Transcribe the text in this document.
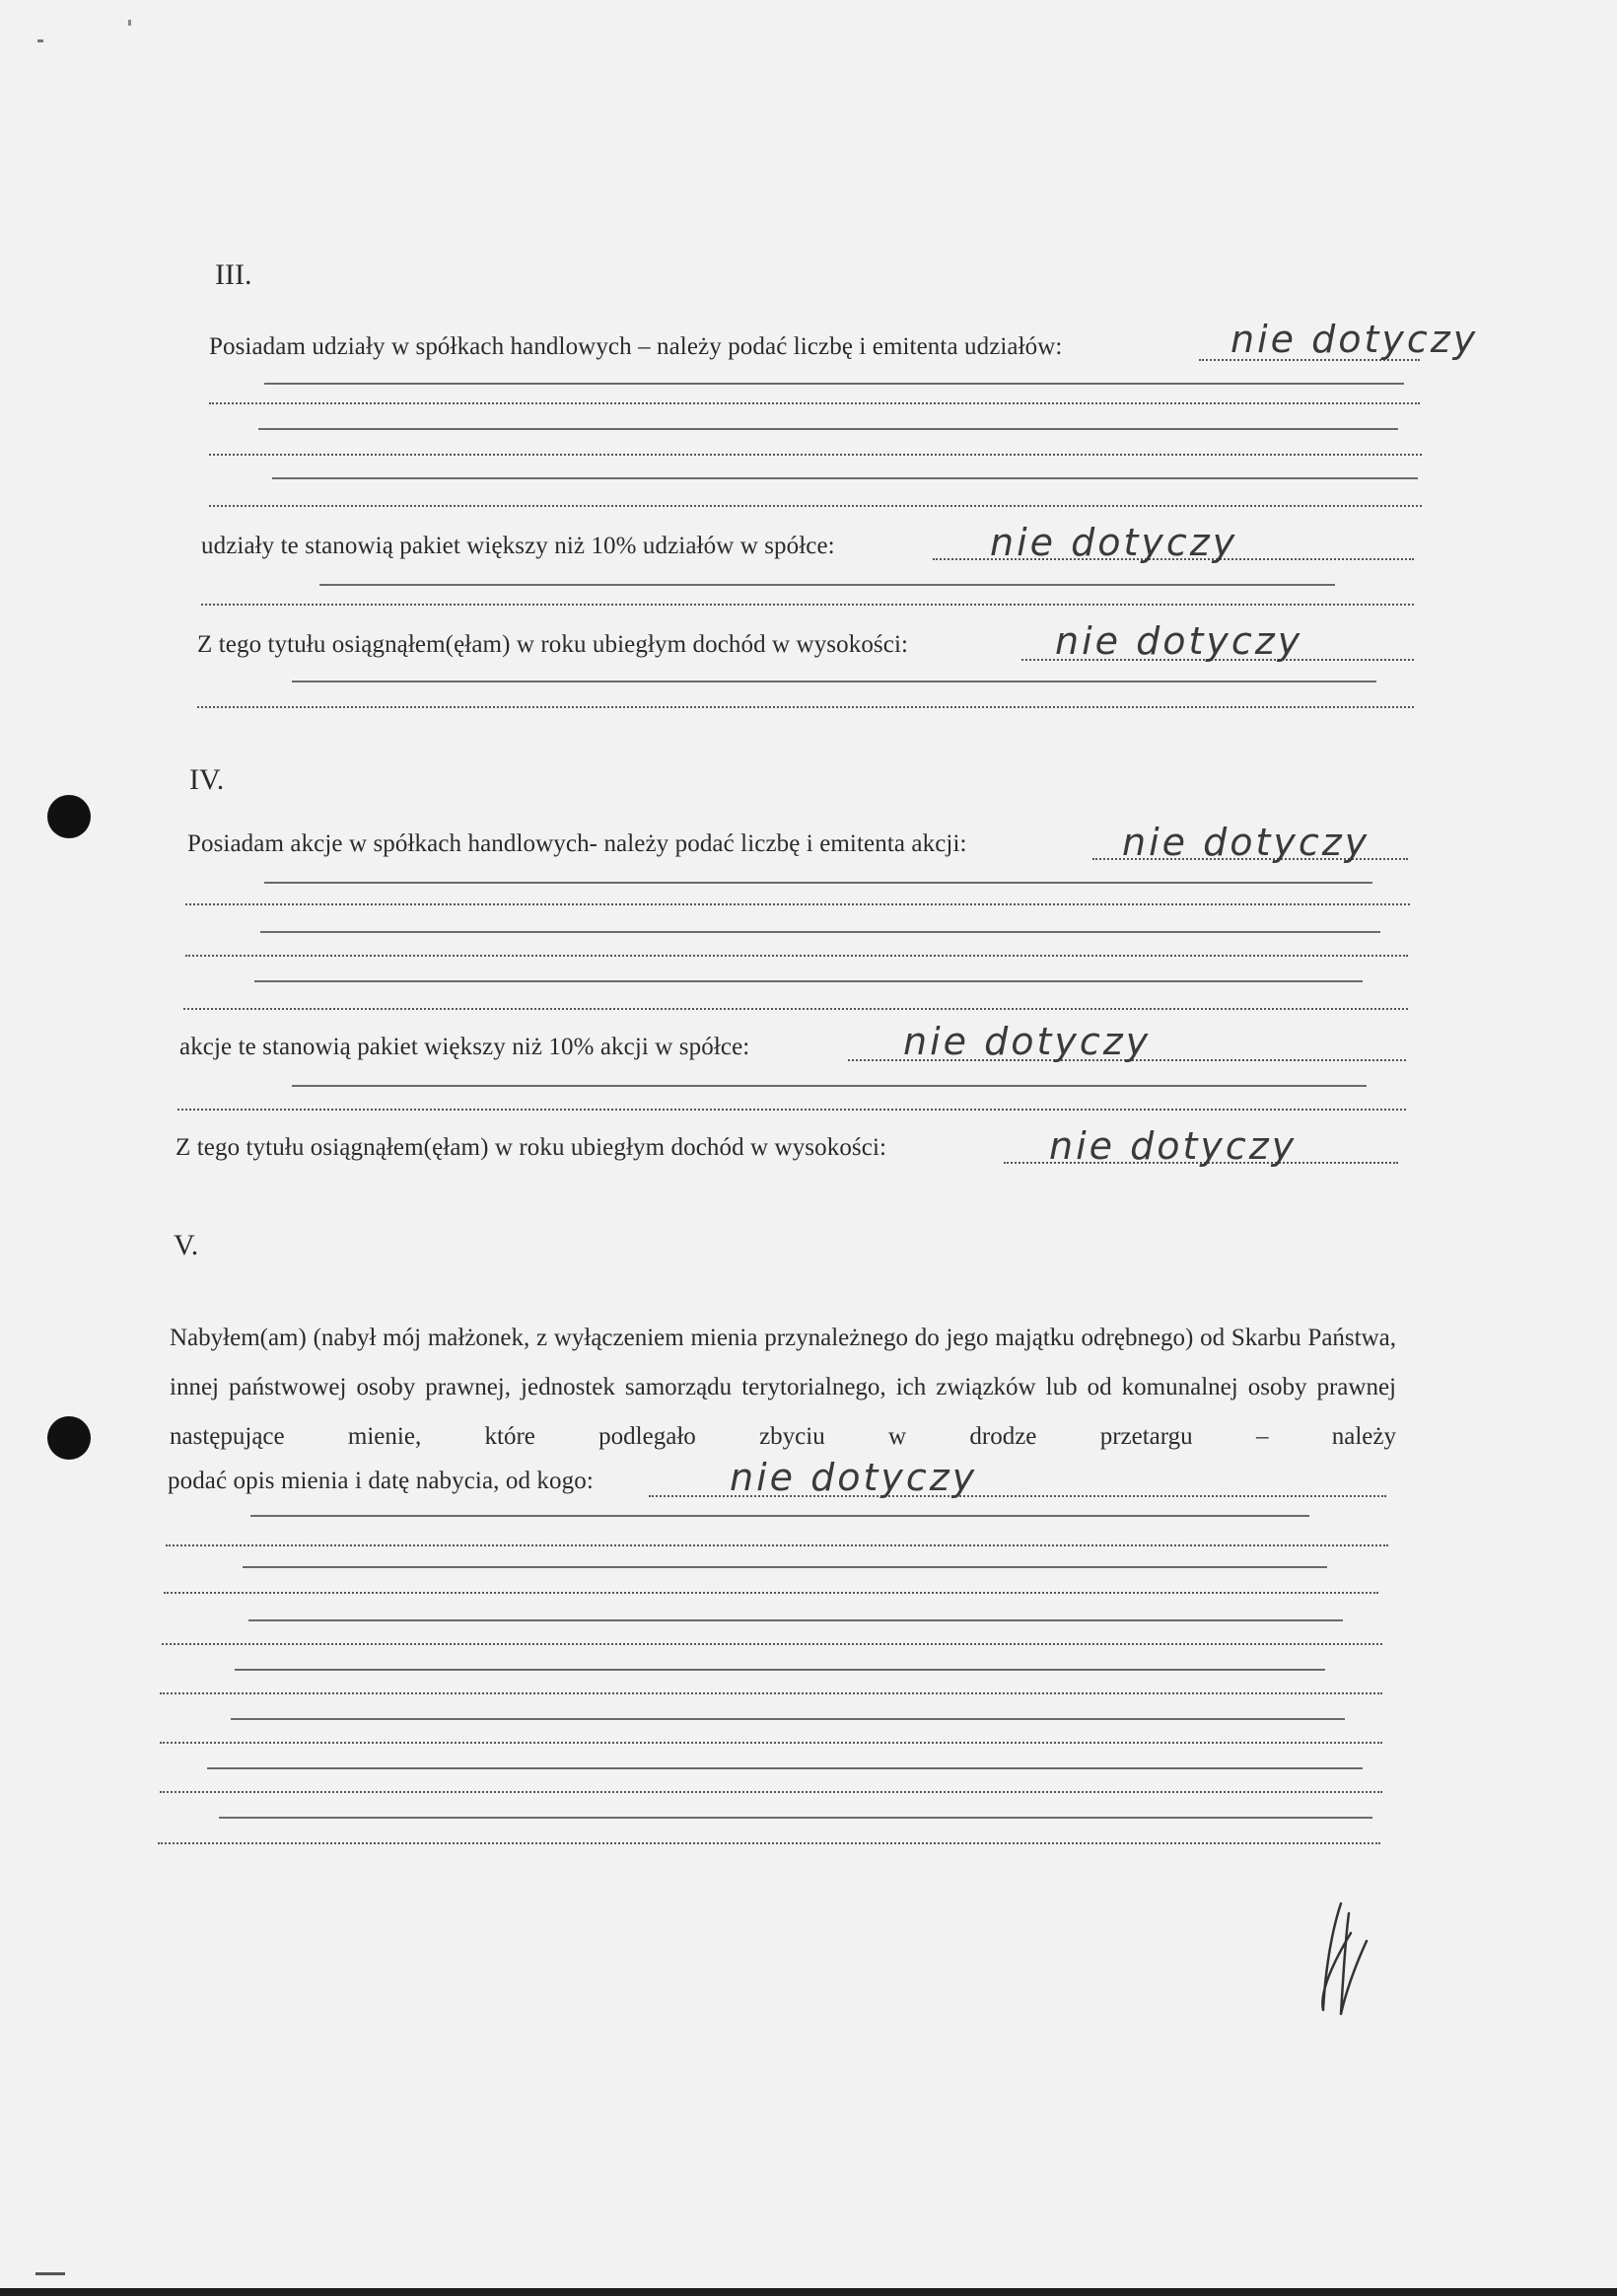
III.
Posiadam udziały w spółkach handlowych – należy podać liczbę i emitenta udziałów:	nie dotyczy
udziały te stanowią pakiet większy niż 10% udziałów w spółce:	nie dotyczy
Z tego tytułu osiągnąłem(ęłam) w roku ubiegłym dochód w wysokości:	nie dotyczy
IV.
Posiadam akcje w spółkach handlowych- należy podać liczbę i emitenta akcji:	nie dotyczy
akcje te stanowią pakiet większy niż 10% akcji w spółce:	nie dotyczy
Z tego tytułu osiągnąłem(ęłam) w roku ubiegłym dochód w wysokości:	nie dotyczy
V.
Nabyłem(am) (nabył mój małżonek, z wyłączeniem mienia przynależnego do jego majątku odrębnego) od Skarbu Państwa, innej państwowej osoby prawnej, jednostek samorządu terytorialnego, ich związków lub od komunalnej osoby prawnej następujące mienie, które podlegało zbyciu w drodze przetargu – należy
podać opis mienia i datę nabycia, od kogo:	nie dotyczy
